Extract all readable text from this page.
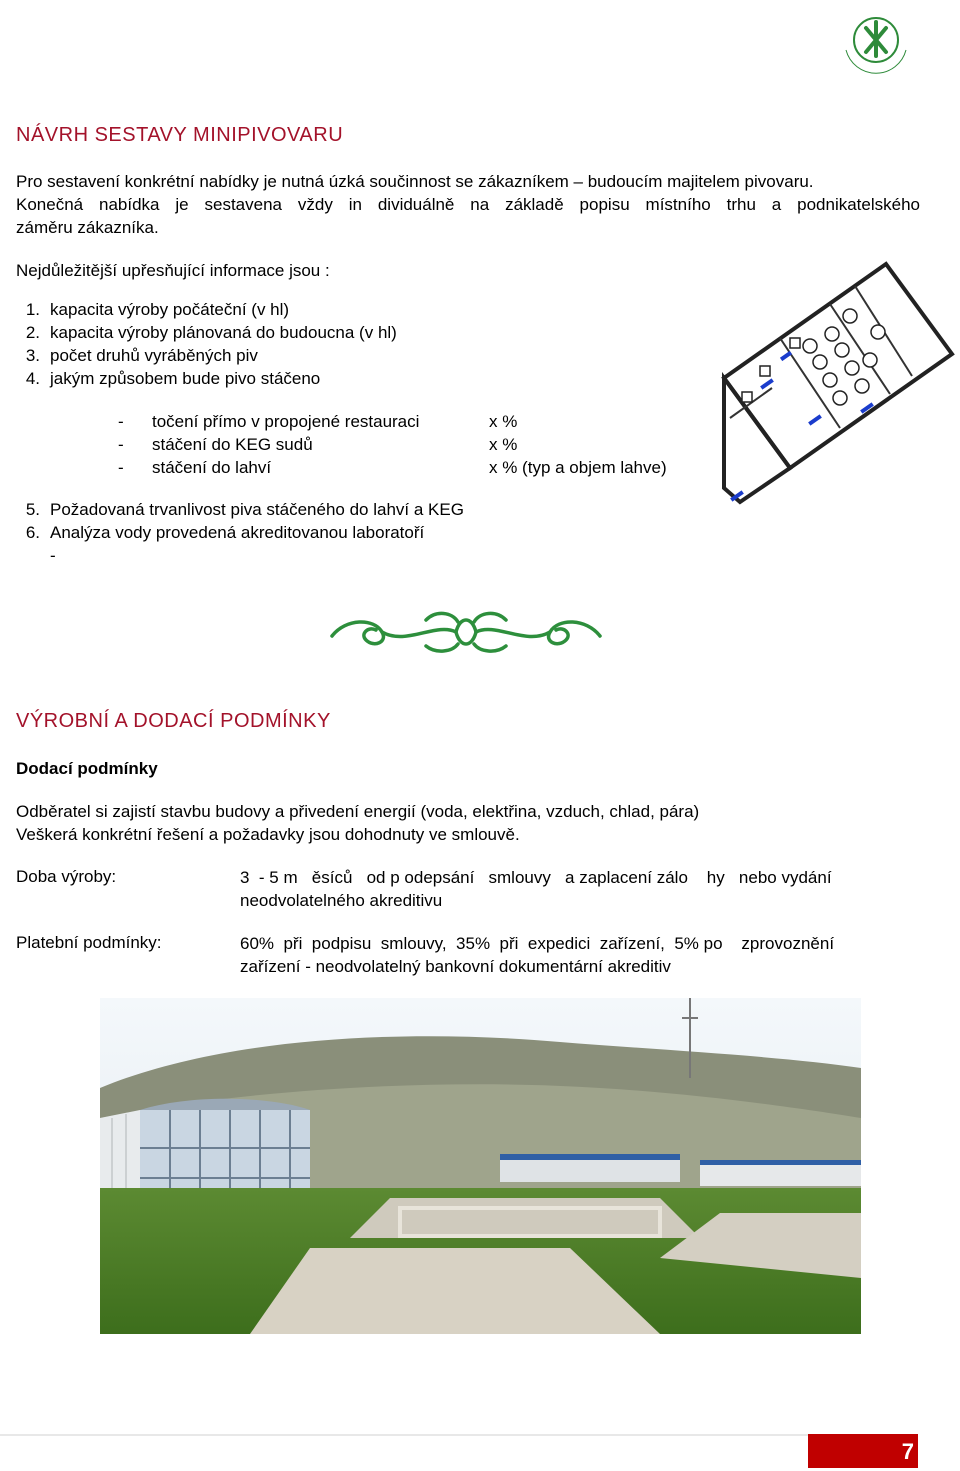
NÁVRH SESTAVY MINIPIVOVARU
Pro sestavení konkrétní nabídky je nutná úzká součinnost se zákazníkem – budoucím majitelem pivovaru.
Konečná nabídka je sestavena vždy in dividuálně na základě popisu místního trhu a podnikatelského
záměru zákazníka.
Nejdůležitější upřesňující informace jsou :
1. kapacita výroby počáteční (v hl)
2. kapacita výroby plánovaná do budoucna (v hl)
3. počet druhů vyráběných piv
4. jakým způsobem bude pivo stáčeno
- točení přímo v propojené restauraci	x %
- stáčení do KEG sudů	x %
- stáčení do lahví	x % (typ a objem lahve)
5. Požadovaná trvanlivost piva stáčeného do lahví a KEG
6. Analýza vody provedená akreditovanou laboratoří
-
VÝROBNÍ A DODACÍ PODMÍNKY
Dodací podmínky
Odběratel si zajistí stavbu budovy a přivedení energií (voda, elektřina, vzduch, chlad, pára)
Veškerá konkrétní řešení a požadavky jsou dohodnuty ve smlouvě.
Doba výroby:	3  - 5 m   ěsíců   od p odepsání   smlouvy   a zaplacení zálo    hy   nebo vydání
neodvolatelného akreditivu
Platební podmínky:	60%  při  podpisu  smlouvy,  35%  při  expedici  zařízení,  5% po    zprovoznění
zařízení - neodvolatelný bankovní dokumentární akreditiv
7
